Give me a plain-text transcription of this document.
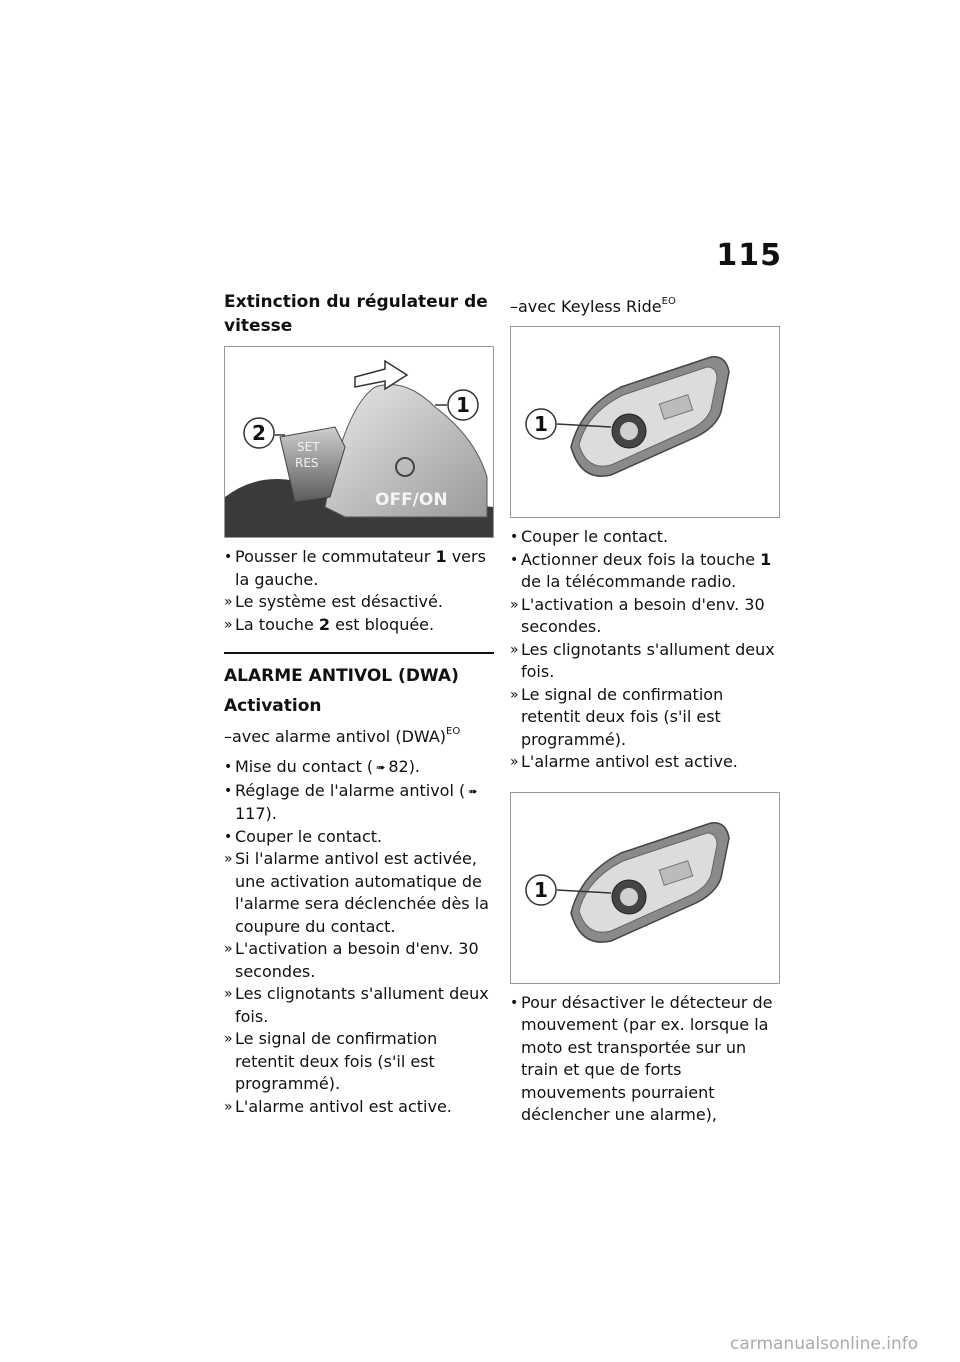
115

Extinction du régulateur de vitesse

SET
RES
OFF/ON
1
2
• Pousser le commutateur 1 vers la gauche.
» Le système est désactivé.
» La touche 2 est bloquée.

ALARME ANTIVOL (DWA)

Activation

–avec alarme antivol (DWA)$^{EO}$

• Mise du contact ( ➠ 82).
• Réglage de l'alarme antivol ( ➠117).
• Couper le contact.
» Si l'alarme antivol est activée, une activation automatique de l'alarme sera déclenchée dès la coupure du contact.
» L'activation a besoin d'env. 30 secondes.
» Les clignotants s'allument deux fois.
» Le signal de confirmation retentit deux fois (s'il est programmé).
» L'alarme antivol est active.

–avec Keyless Ride$^{EO}$

1
• Couper le contact.
• Actionner deux fois la touche 1 de la télécommande radio.
» L'activation a besoin d'env. 30 secondes.
» Les clignotants s'allument deux fois.
» Le signal de confirmation retentit deux fois (s'il est programmé).
» L'alarme antivol est active.
1
• Pour désactiver le détecteur de mouvement (par ex. lorsque la moto est transportée sur un train et que de forts mouvements pourraient déclencher une alarme),
carmanualsonline.info
